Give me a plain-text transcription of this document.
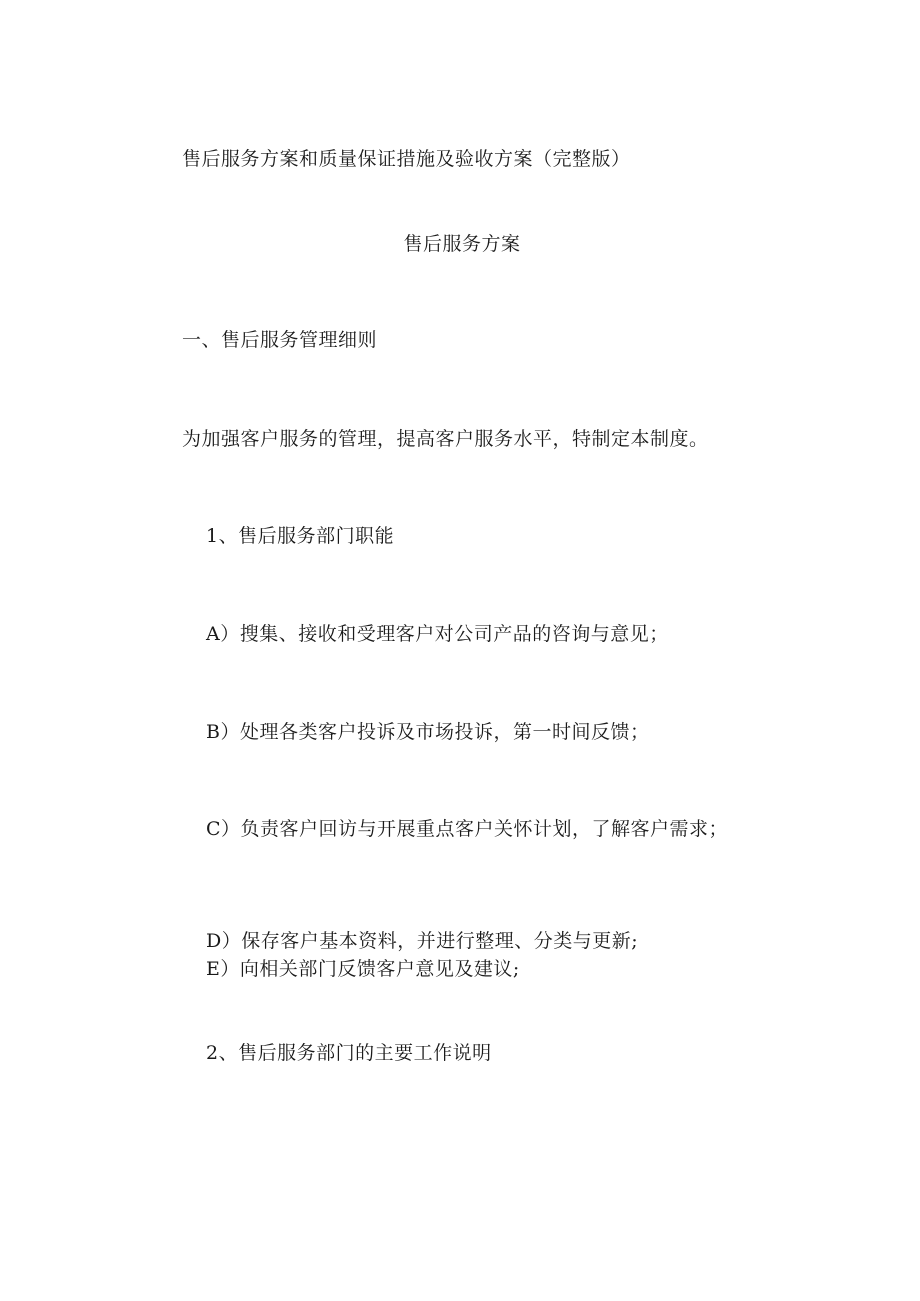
售后服务方案和质量保证措施及验收方案（完整版）
售后服务方案
一、售后服务管理细则
为加强客户服务的管理，提高客户服务水平，特制定本制度。
1、售后服务部门职能
A）搜集、接收和受理客户对公司产品的咨询与意见；
B）处理各类客户投诉及市场投诉，第一时间反馈；
C）负责客户回访与开展重点客户关怀计划，了解客户需求；
D）保存客户基本资料，并进行整理、分类与更新;
E）向相关部门反馈客户意见及建议;
2、售后服务部门的主要工作说明
